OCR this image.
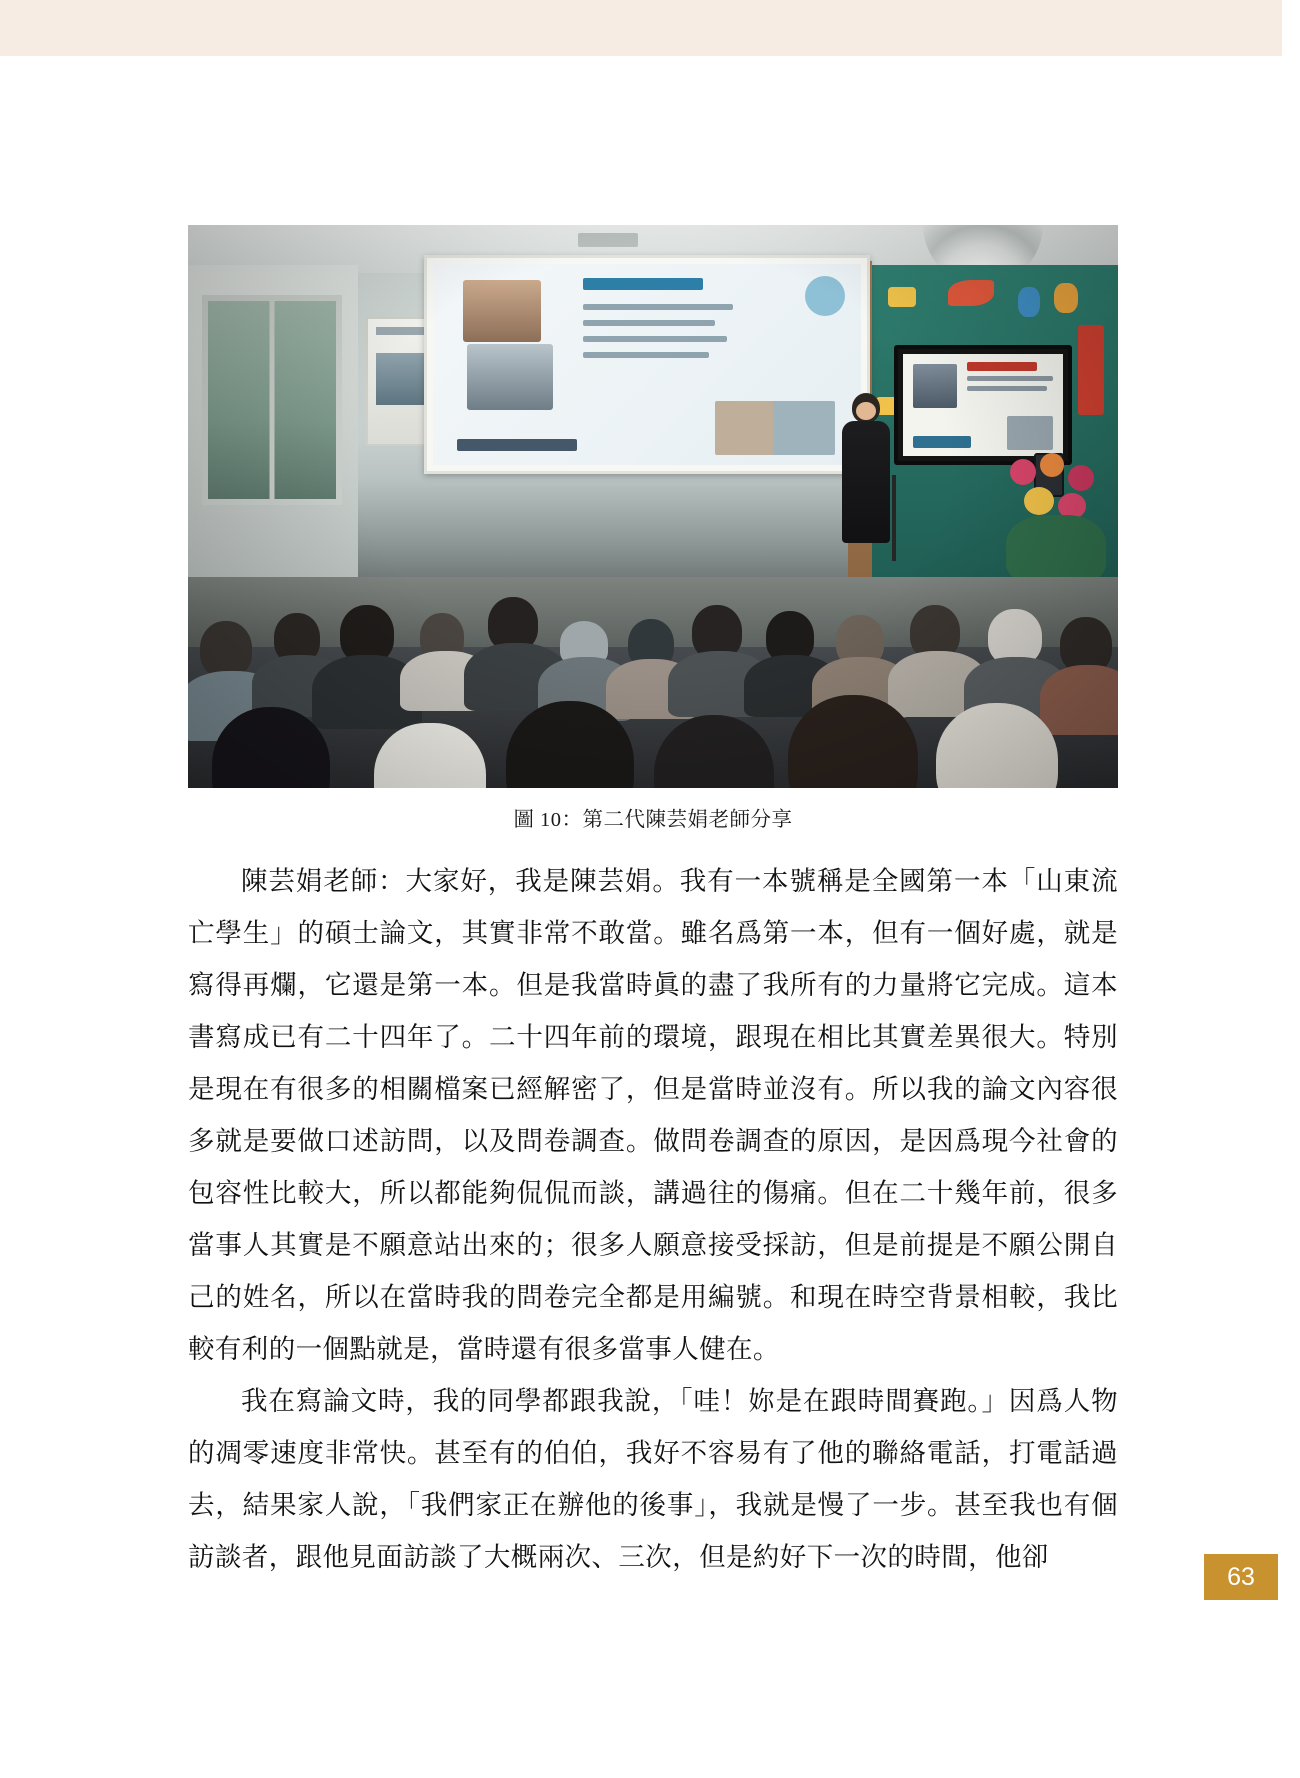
圖 10：第二代陳芸娟老師分享

陳芸娟老師：大家好，我是陳芸娟。我有一本號稱是全國第一本「山東流亡學生」的碩士論文，其實非常不敢當。雖名爲第一本，但有一個好處，就是寫得再爛，它還是第一本。但是我當時眞的盡了我所有的力量將它完成。這本書寫成已有二十四年了。二十四年前的環境，跟現在相比其實差異很大。特別是現在有很多的相關檔案已經解密了，但是當時並沒有。所以我的論文內容很多就是要做口述訪問，以及問卷調查。做問卷調查的原因，是因爲現今社會的包容性比較大，所以都能夠侃侃而談，講過往的傷痛。但在二十幾年前，很多當事人其實是不願意站出來的；很多人願意接受採訪，但是前提是不願公開自己的姓名，所以在當時我的問卷完全都是用編號。和現在時空背景相較，我比較有利的一個點就是，當時還有很多當事人健在。

我在寫論文時，我的同學都跟我說，「哇！妳是在跟時間賽跑。」因爲人物的凋零速度非常快。甚至有的伯伯，我好不容易有了他的聯絡電話，打電話過去，結果家人說，「我們家正在辦他的後事」，我就是慢了一步。甚至我也有個訪談者，跟他見面訪談了大概兩次、三次，但是約好下一次的時間，他卻

63
